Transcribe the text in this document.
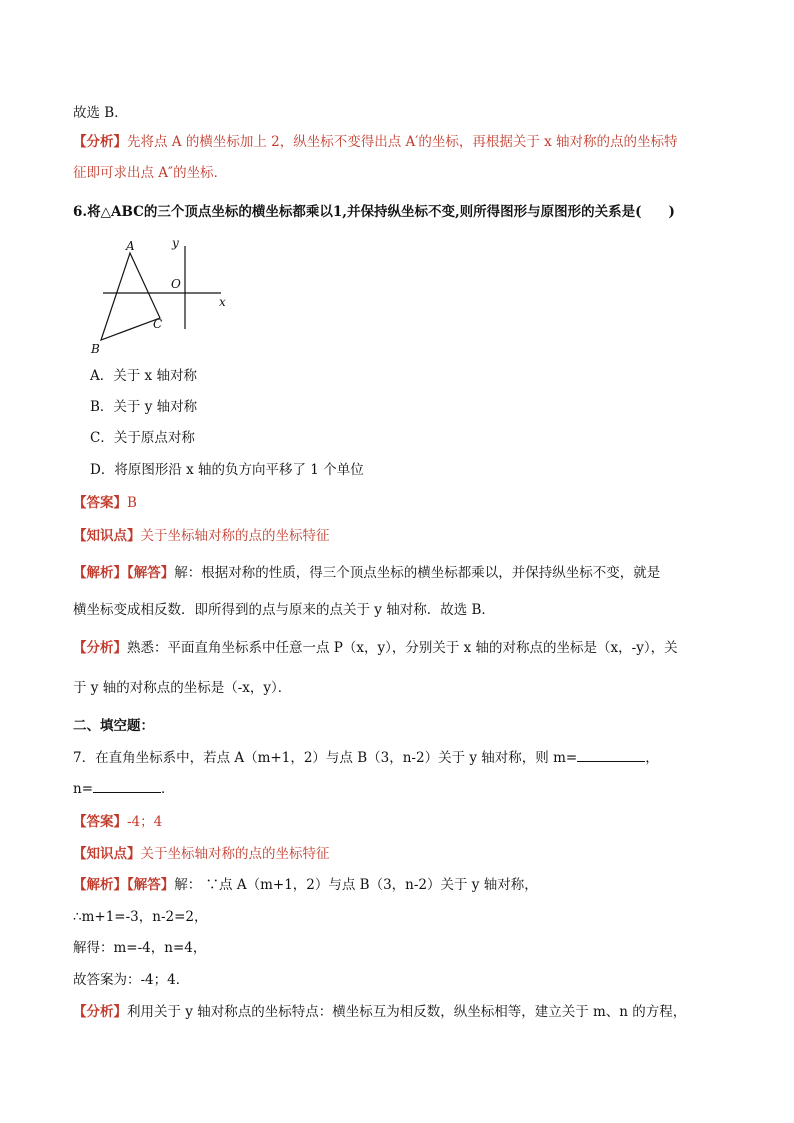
故选 B．
【分析】先将点 A 的横坐标加上 2，纵坐标不变得出点 A′的坐标，再根据关于 x 轴对称的点的坐标特
征即可求出点 A″的坐标．
6.将△ABC的三个顶点坐标的横坐标都乘以1,并保持纵坐标不变,则所得图形与原图形的关系是(　　)
y
A
O
x
C
B
A．关于 x 轴对称
B．关于 y 轴对称
C．关于原点对称
D．将原图形沿 x 轴的负方向平移了 1 个单位
【答案】B
【知识点】关于坐标轴对称的点的坐标特征
【解析】【解答】解：根据对称的性质，得三个顶点坐标的横坐标都乘以，并保持纵坐标不变，就是
横坐标变成相反数．即所得到的点与原来的点关于 y 轴对称．故选 B．
【分析】熟悉：平面直角坐标系中任意一点 P（x，y），分别关于 x 轴的对称点的坐标是（x，-y），关
于 y 轴的对称点的坐标是（-x，y）．
二、填空题：
7．在直角坐标系中，若点 A（m+1，2）与点 B（3，n-2）关于 y 轴对称，则 m=	，
n=	．
【答案】-4；4
【知识点】关于坐标轴对称的点的坐标特征
【解析】【解答】解： ∵点 A（m+1，2）与点 B（3，n-2）关于 y 轴对称，
∴m+1=-3，n-2=2，
解得：m=-4，n=4，
故答案为：-4；4．
【分析】利用关于 y 轴对称点的坐标特点：横坐标互为相反数，纵坐标相等，建立关于 m、n 的方程，
